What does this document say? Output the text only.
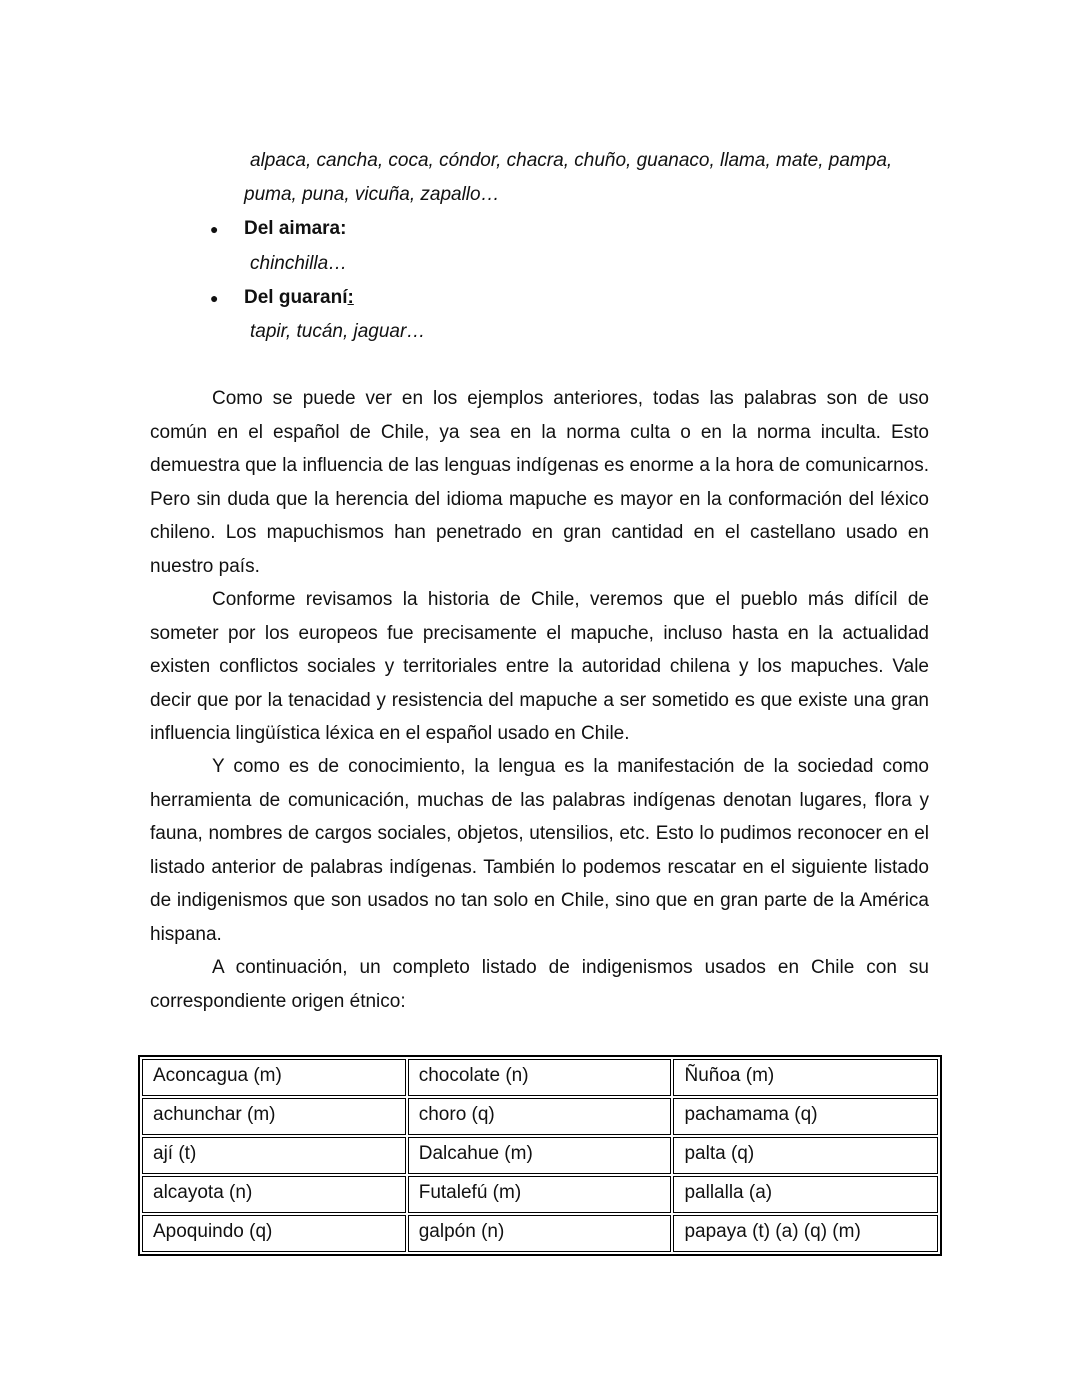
alpaca, cancha, coca, cóndor, chacra, chuño, guanaco, llama, mate, pampa,
puma, puna, vicuña, zapallo…
● Del aimara:
chinchilla…
● Del guaraní:
tapir, tucán, jaguar…

Como se puede ver en los ejemplos anteriores, todas las palabras son de uso común en el español de Chile, ya sea en la norma culta o en la norma inculta. Esto demuestra que la influencia de las lenguas indígenas es enorme a la hora de comunicarnos. Pero sin duda que la herencia del idioma mapuche es mayor en la conformación del léxico chileno. Los mapuchismos han penetrado en gran cantidad en el castellano usado en nuestro país.

Conforme revisamos la historia de Chile, veremos que el pueblo más difícil de someter por los europeos fue precisamente el mapuche, incluso hasta en la actualidad existen conflictos sociales y territoriales entre la autoridad chilena y los mapuches. Vale decir que por la tenacidad y resistencia del mapuche a ser sometido es que existe una gran influencia lingüística léxica en el español usado en Chile.

Y como es de conocimiento, la lengua es la manifestación de la sociedad como herramienta de comunicación, muchas de las palabras indígenas denotan lugares, flora y fauna, nombres de cargos sociales, objetos, utensilios, etc. Esto lo pudimos reconocer en el listado anterior de palabras indígenas. También lo podemos rescatar en el siguiente listado de indigenismos que son usados no tan solo en Chile, sino que en gran parte de la América hispana.

A continuación, un completo listado de indigenismos usados en Chile con su correspondiente origen étnico:

Aconcagua (m)	chocolate (n)	Ñuñoa (m)
achunchar (m)	choro (q)	pachamama (q)
ají (t)	Dalcahue (m)	palta (q)
alcayota (n)	Futalefú (m)	pallalla (a)
Apoquindo (q)	galpón (n)	papaya (t) (a) (q) (m)
